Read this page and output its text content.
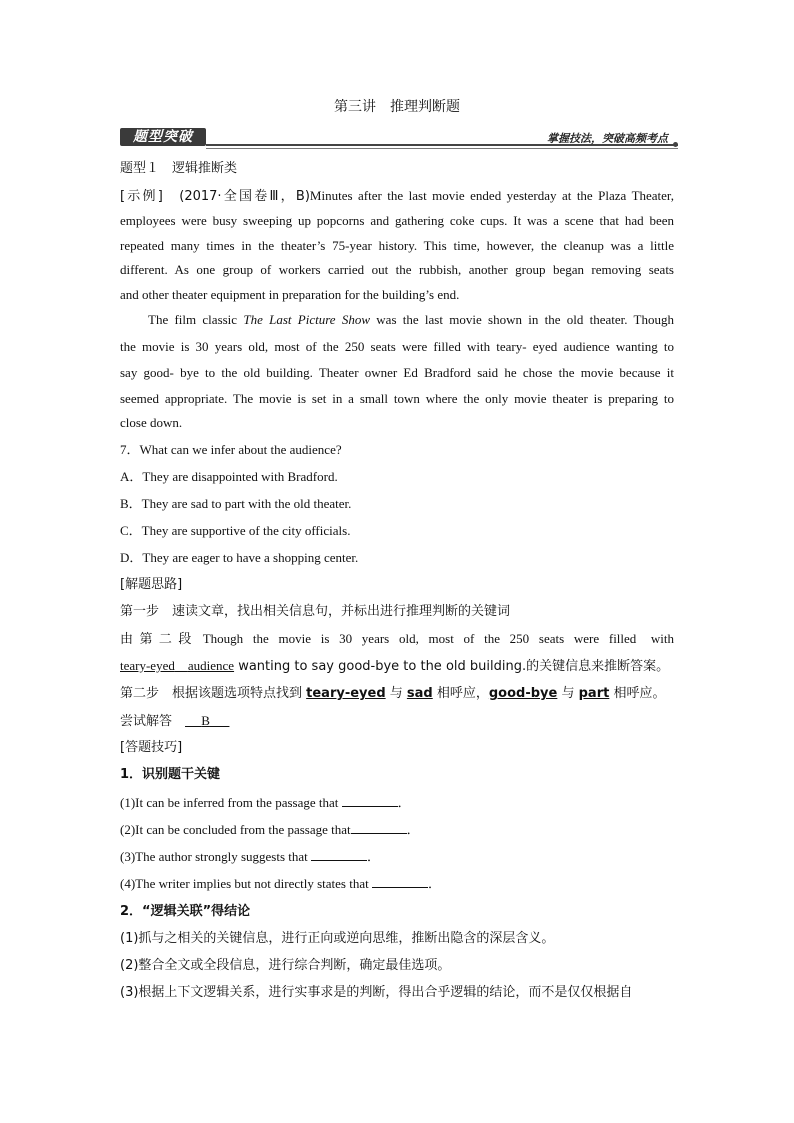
第三讲　推理判断题
题型突破	掌握技法，突破高频考点
题型１　逻辑推断类
[示例] (2017·全国卷Ⅲ，B)Minutes after the last movie ended yesterday at the Plaza Theater,
employees were busy sweeping up popcorns and gathering coke cups. It was a scene that had been
repeated many times in the theater’s 75-year history. This time, however, the cleanup was a little
different. As one group of workers carried out the rubbish, another group began removing seats
and other theater equipment in preparation for the building’s end.
The film classic The Last Picture Show was the last movie shown in the old theater. Though
the movie is 30 years old, most of the 250 seats were filled with teary- eyed audience wanting to
say good- bye to the old building. Theater owner Ed Bradford said he chose the movie because it
seemed appropriate. The movie is set in a small town where the only movie theater is preparing to
close down.
7．What can we infer about the audience?
A．They are disappointed with Bradford.
B．They are sad to part with the old theater.
C．They are supportive of the city officials.
D．They are eager to have a shopping center.
[解题思路]
第一步　速读文章，找出相关信息句，并标出进行推理判断的关键词
由 第 二 段  Though  the  movie  is  30  years  old,  most  of  the  250  seats  were  filled   with
teary-eyed audience wanting to say good-bye to the old building.的关键信息来推断答案。
第二步　根据该题选项特点找到 teary-eyed 与 sad 相呼应，good-bye 与 part 相呼应。
尝试解答　     B
[答题技巧]
1．识别题干关键
(1)It can be inferred from the passage that	．
(2)It can be concluded from the passage that	．
(3)The author strongly suggests that	．
(4)The writer implies but not directly states that	．
2．“逻辑关联”得结论
(1)抓与之相关的关键信息，进行正向或逆向思维，推断出隐含的深层含义。
(2)整合全文或全段信息，进行综合判断，确定最佳选项。
(3)根据上下文逻辑关系，进行实事求是的判断，得出合乎逻辑的结论，而不是仅仅根据自
